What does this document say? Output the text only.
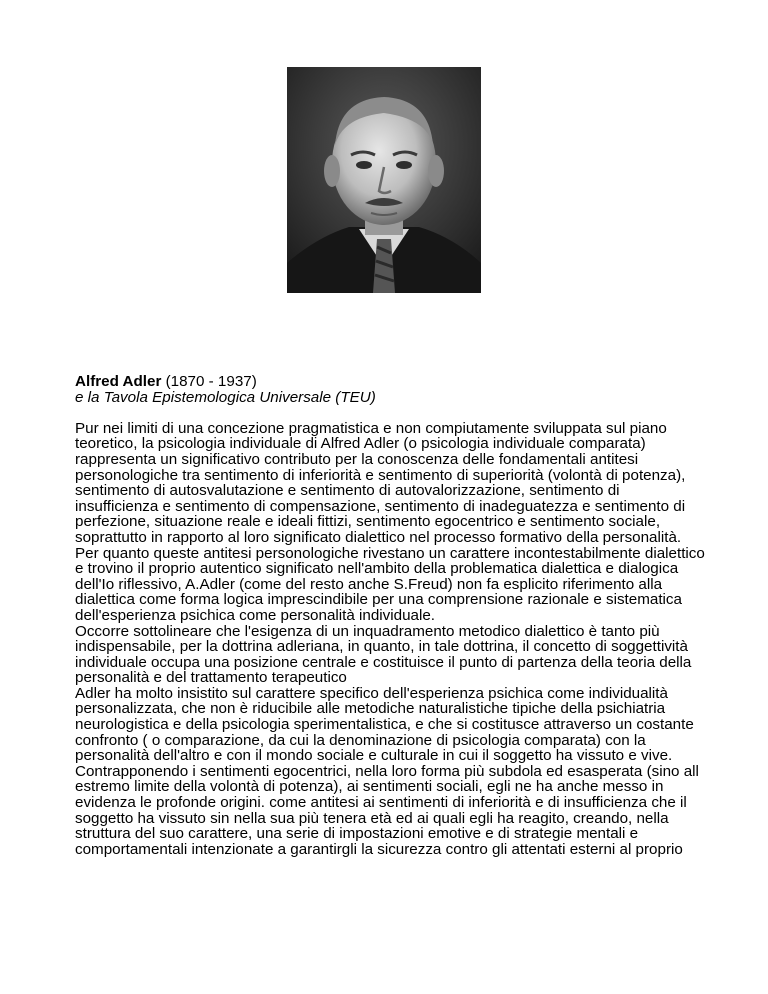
Alfred Adler (1870 - 1937)

e la Tavola Epistemologica Universale (TEU)

Pur nei limiti di una concezione pragmatistica e non compiutamente sviluppata sul piano teoretico, la psicologia individuale di Alfred Adler (o psicologia individuale comparata) rappresenta un significativo contributo per la conoscenza delle fondamentali antitesi personologiche tra sentimento di inferiorità e sentimento di superiorità (volontà di potenza), sentimento di autosvalutazione e sentimento di autovalorizzazione, sentimento di insufficienza e sentimento di compensazione, sentimento di inadeguatezza e sentimento di perfezione, situazione reale e ideali fittizi, sentimento egocentrico e sentimento sociale, soprattutto in rapporto al loro significato dialettico nel processo formativo della personalità.

Per quanto queste antitesi personologiche rivestano un carattere incontestabilmente dialettico e trovino il proprio autentico significato nell'ambito della problematica dialettica e dialogica dell'Io riflessivo, A.Adler (come del resto anche S.Freud) non fa esplicito riferimento alla dialettica come forma logica imprescindibile per una comprensione razionale e sistematica dell'esperienza psichica come personalità individuale.

Occorre sottolineare che l'esigenza di un inquadramento metodico dialettico è tanto più indispensabile, per la dottrina adleriana, in quanto, in tale dottrina, il concetto di soggettività individuale occupa una posizione centrale e costituisce il punto di partenza della teoria della personalità e del trattamento terapeutico

Adler ha molto insistito sul carattere specifico dell'esperienza psichica come individualità personalizzata, che non è riducibile alle metodiche naturalistiche tipiche della psichiatria neurologistica e della psicologia sperimentalistica, e che si costitusce attraverso un costante confronto ( o comparazione, da cui la denominazione di psicologia comparata) con la personalità dell'altro e con il mondo sociale e culturale in cui il soggetto ha vissuto e vive.

Contrapponendo i sentimenti egocentrici, nella loro forma più subdola ed esasperata (sino all estremo limite della volontà di potenza), ai sentimenti sociali, egli ne ha anche messo in evidenza le profonde origini. come antitesi ai sentimenti di inferiorità e di insufficienza che il soggetto ha vissuto sin nella sua più tenera età ed ai quali egli ha reagito, creando, nella struttura del suo carattere, una serie di impostazioni emotive e di strategie mentali e comportamentali intenzionate a garantirgli la sicurezza contro gli attentati esterni al proprio
